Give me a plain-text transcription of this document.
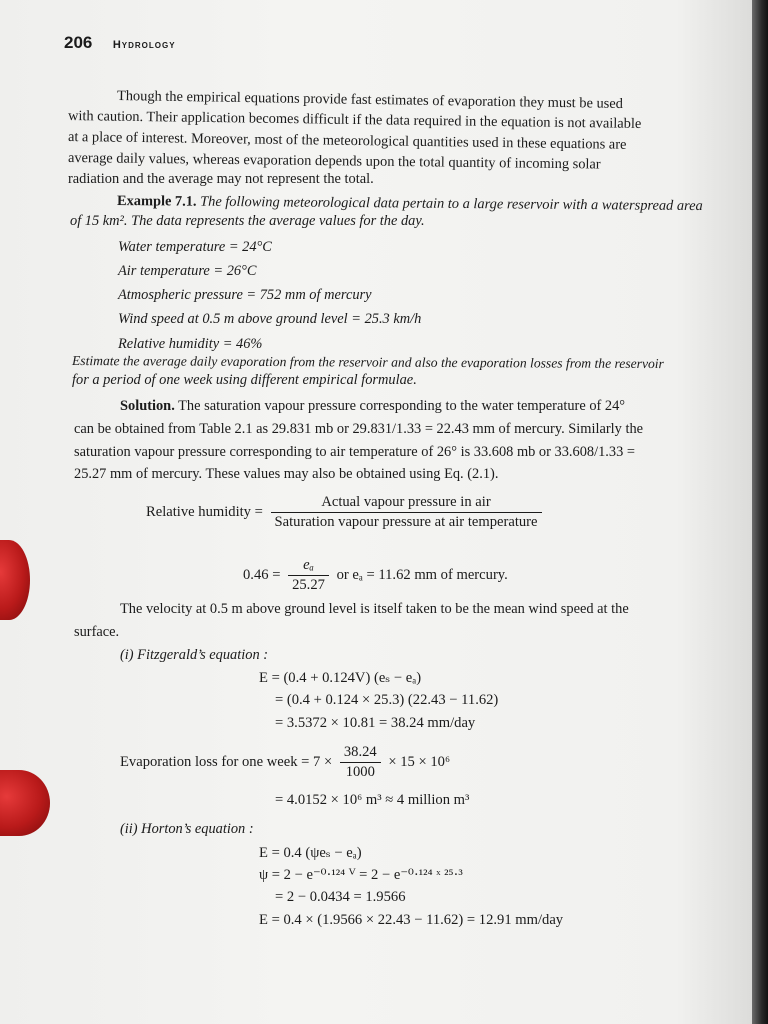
206 Hydrology
Though the empirical equations provide fast estimates of evaporation they must be used
with caution. Their application becomes difficult if the data required in the equation is not available
at a place of interest. Moreover, most of the meteorological quantities used in these equations are
average daily values, whereas evaporation depends upon the total quantity of incoming solar
radiation and the average may not represent the total.
Example 7.1. The following meteorological data pertain to a large reservoir with a waterspread area
of 15 km². The data represents the average values for the day.
Water temperature = 24°C
Air temperature = 26°C
Atmospheric pressure = 752 mm of mercury
Wind speed at 0.5 m above ground level = 25.3 km/h
Relative humidity = 46%
Estimate the average daily evaporation from the reservoir and also the evaporation losses from the reservoir
for a period of one week using different empirical formulae.
Solution. The saturation vapour pressure corresponding to the water temperature of 24°
can be obtained from Table 2.1 as 29.831 mb or 29.831/1.33 = 22.43 mm of mercury. Similarly the
saturation vapour pressure corresponding to air temperature of 26° is 33.608 mb or 33.608/1.33 =
25.27 mm of mercury. These values may also be obtained using Eq. (2.1).
Relative humidity = $\frac{\text{Actual vapour pressure in air}}{\text{Saturation vapour pressure at air temperature}}$
$0.46 = \frac{\text{eₐ}}{25.27}$ or eₐ = 11.62 mm of mercury.
The velocity at 0.5 m above ground level is itself taken to be the mean wind speed at the
surface.
(i) Fitzgerald’s equation :
E = (0.4 + 0.124V) (eₛ − eₐ)
= (0.4 + 0.124 × 25.3) (22.43 − 11.62)
= 3.5372 × 10.81 = 38.24 mm/day
Evaporation loss for one week = $7 \times \frac{38.24}{1000} \times 15 \times 10^6$
= 4.0152 × 10⁶ m³ ≈ 4 million m³
(ii) Horton’s equation :
E = 0.4 (ψeₛ − eₐ)
ψ = 2 − e⁻⁰·¹²⁴ ⱽ = 2 − e⁻⁰·¹²⁴ ˣ ²⁵·³
= 2 − 0.0434 = 1.9566
E = 0.4 × (1.9566 × 22.43 − 11.62) = 12.91 mm/day
